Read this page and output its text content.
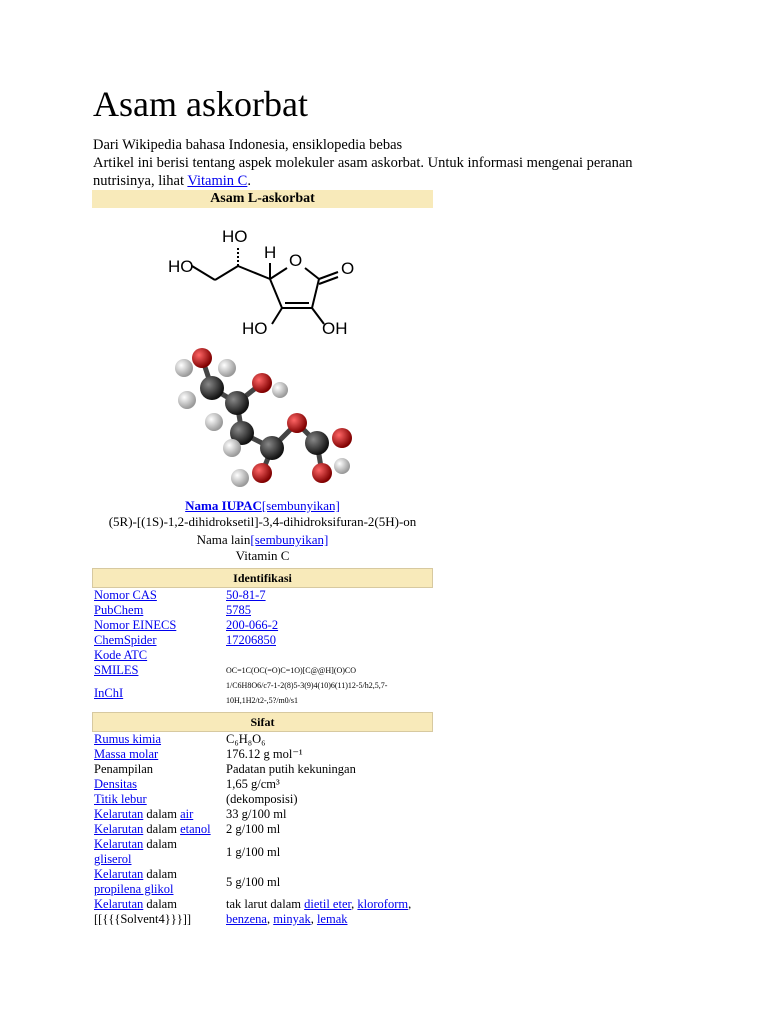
Asam askorbat

Dari Wikipedia bahasa Indonesia, ensiklopedia bebas

Artikel ini berisi tentang aspek molekuler asam askorbat. Untuk informasi mengenai peranan nutrisinya, lihat Vitamin C.

Asam L-askorbat
HO
H
HO	O O
HO	OH
Nama IUPAC[sembunyikan]
(5R)-[(1S)-1,2-dihidroksetil]-3,4-dihidroksifuran-2(5H)-on
Nama lain[sembunyikan]
Vitamin C
Identifikasi
Nomor CAS	50-81-7
PubChem	5785
Nomor EINECS	200-066-2
ChemSpider	17206850
Kode ATC	
SMILES	OC=1C(OC(=O)C=1O)[C@@H](O)CO
InChI	1/C6H8O6/c7-1-2(8)5-3(9)4(10)6(11)12-5/h2,5,7-10H,1H2/t2-,5?/m0/s1
Sifat
Rumus kimia	C₆H₈O₆
Massa molar	176.12 g mol⁻¹
Penampilan	Padatan putih kekuningan
Densitas	1,65 g/cm³
Titik lebur	(dekomposisi)
Kelarutan dalam air	33 g/100 ml
Kelarutan dalam etanol	2 g/100 ml
Kelarutan dalam
gliserol	1 g/100 ml
Kelarutan dalam
propilena glikol	5 g/100 ml
Kelarutan dalam
[[{{{Solvent4}}}]]	tak larut dalam dietil eter, kloroform,
benzena, minyak, lemak
